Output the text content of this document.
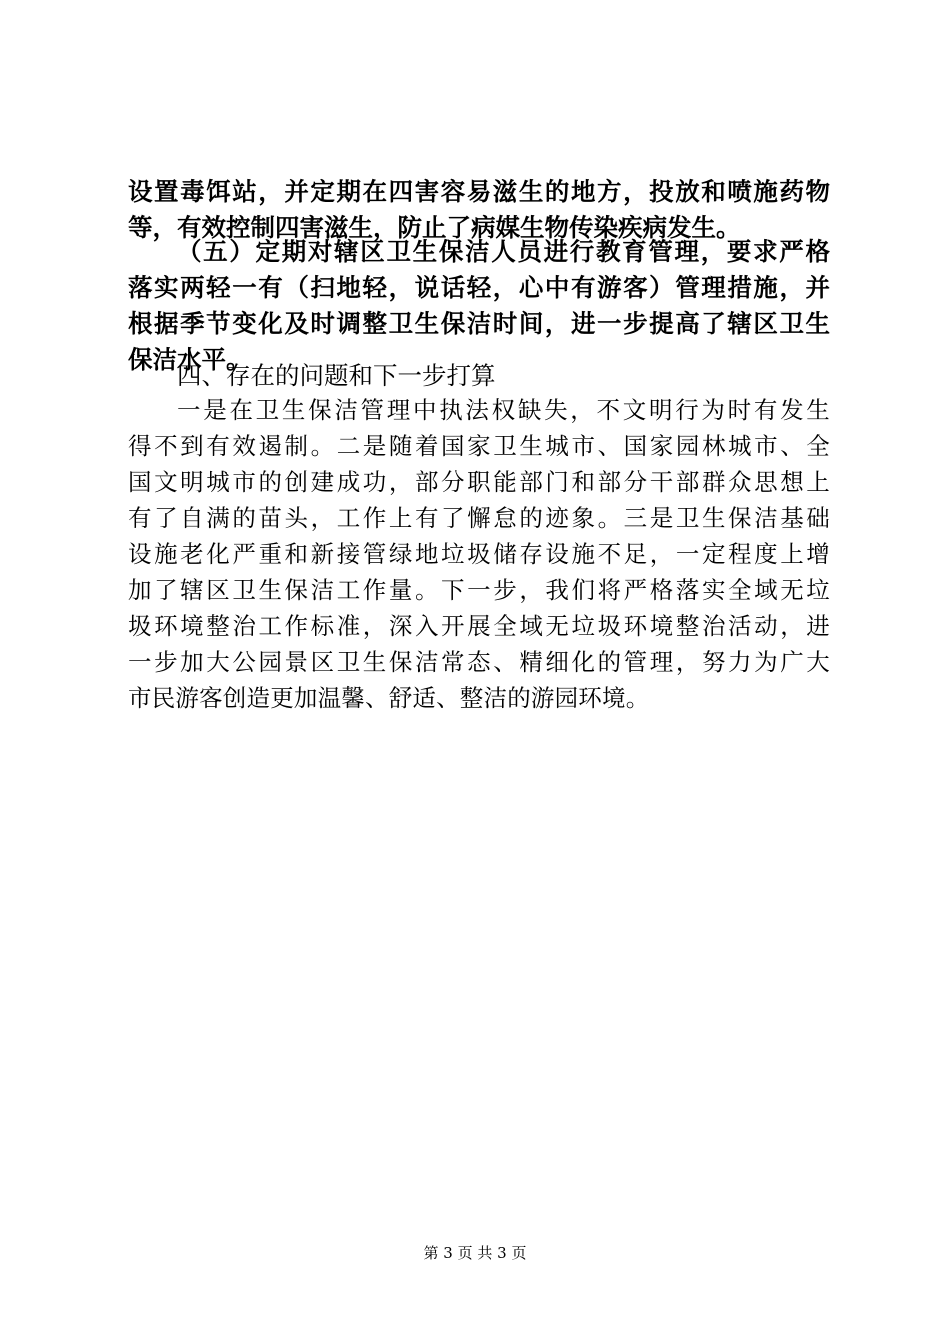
设置毒饵站，并定期在四害容易滋生的地方，投放和喷施药物
等，有效控制四害滋生，防止了病媒生物传染疾病发生。
（五）定期对辖区卫生保洁人员进行教育管理，要求严格
落实两轻一有（扫地轻，说话轻，心中有游客）管理措施，并
根据季节变化及时调整卫生保洁时间，进一步提高了辖区卫生
保洁水平。
四、存在的问题和下一步打算
一是在卫生保洁管理中执法权缺失，不文明行为时有发生
得不到有效遏制。二是随着国家卫生城市、国家园林城市、全
国文明城市的创建成功，部分职能部门和部分干部群众思想上
有了自满的苗头，工作上有了懈怠的迹象。三是卫生保洁基础
设施老化严重和新接管绿地垃圾储存设施不足，一定程度上增
加了辖区卫生保洁工作量。下一步，我们将严格落实全域无垃
圾环境整治工作标准，深入开展全域无垃圾环境整治活动，进
一步加大公园景区卫生保洁常态、精细化的管理，努力为广大
市民游客创造更加温馨、舒适、整洁的游园环境。
第 3 页 共 3 页
